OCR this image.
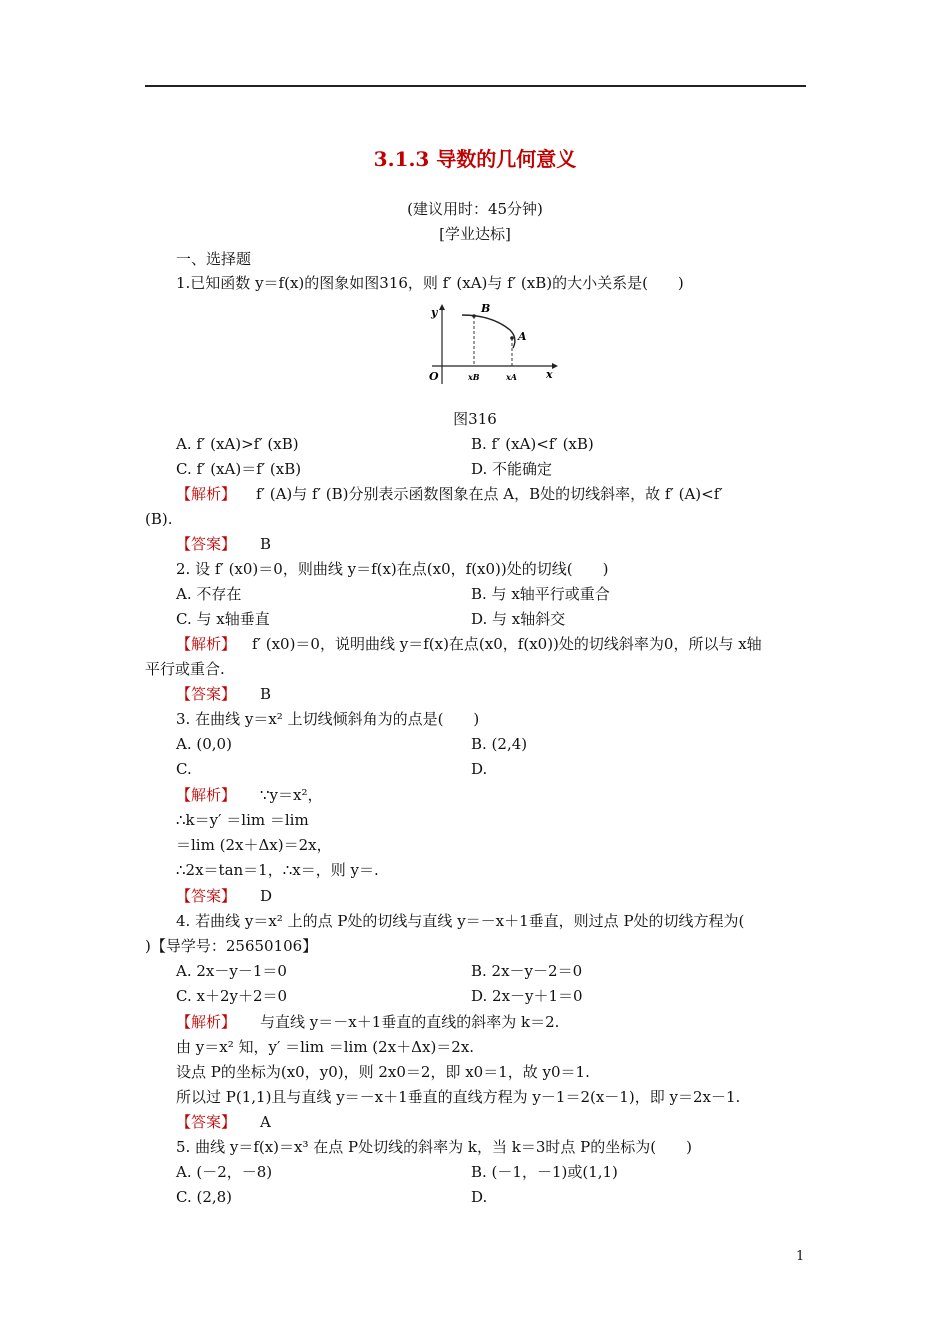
3.1.3 导数的几何意义
(建议用时：45分钟)
[学业达标]
一、选择题
1.已知函数 y＝f(x)的图象如图316，则 f′ (xA)与 f′ (xB)的大小关系是(　　)
y
x
O
B
A
xB	xA
图316
A. f′ (xA)>f′ (xB)	B. f′ (xA)<f′ (xB)
C. f′ (xA)＝f′ (xB)	D. 不能确定
【解析】 f′ (A)与 f′ (B)分别表示函数图象在点 A，B处的切线斜率，故 f′ (A)<f′
(B).
【答案】 B
2. 设 f′ (x0)＝0，则曲线 y＝f(x)在点(x0，f(x0))处的切线(　　)
A. 不存在	B. 与 x轴平行或重合
C. 与 x轴垂直	D. 与 x轴斜交
【解析】 f′ (x0)＝0，说明曲线 y＝f(x)在点(x0，f(x0))处的切线斜率为0，所以与 x轴
平行或重合.
【答案】 B
3. 在曲线 y＝x² 上切线倾斜角为的点是(　　)
A. (0,0)	B. (2,4)
C.	D.
【解析】 ∵y＝x²，
∴k＝y′ ＝lim ＝lim
＝lim (2x＋Δx)＝2x，
∴2x＝tan＝1，∴x＝，则 y＝.
【答案】 D
4. 若曲线 y＝x² 上的点 P处的切线与直线 y＝－x＋1垂直，则过点 P处的切线方程为(
)【导学号：25650106】
A. 2x－y－1＝0	B. 2x－y－2＝0
C. x＋2y＋2＝0	D. 2x－y＋1＝0
【解析】 与直线 y＝－x＋1垂直的直线的斜率为 k＝2.
由 y＝x² 知，y′ ＝lim ＝lim (2x＋Δx)＝2x.
设点 P的坐标为(x0，y0)，则 2x0＝2，即 x0＝1，故 y0＝1.
所以过 P(1,1)且与直线 y＝－x＋1垂直的直线方程为 y－1＝2(x－1)，即 y＝2x－1.
【答案】 A
5. 曲线 y＝f(x)＝x³ 在点 P处切线的斜率为 k，当 k＝3时点 P的坐标为(　　)
A. (－2，－8)	B. (－1，－1)或(1,1)
C. (2,8)	D.
1
